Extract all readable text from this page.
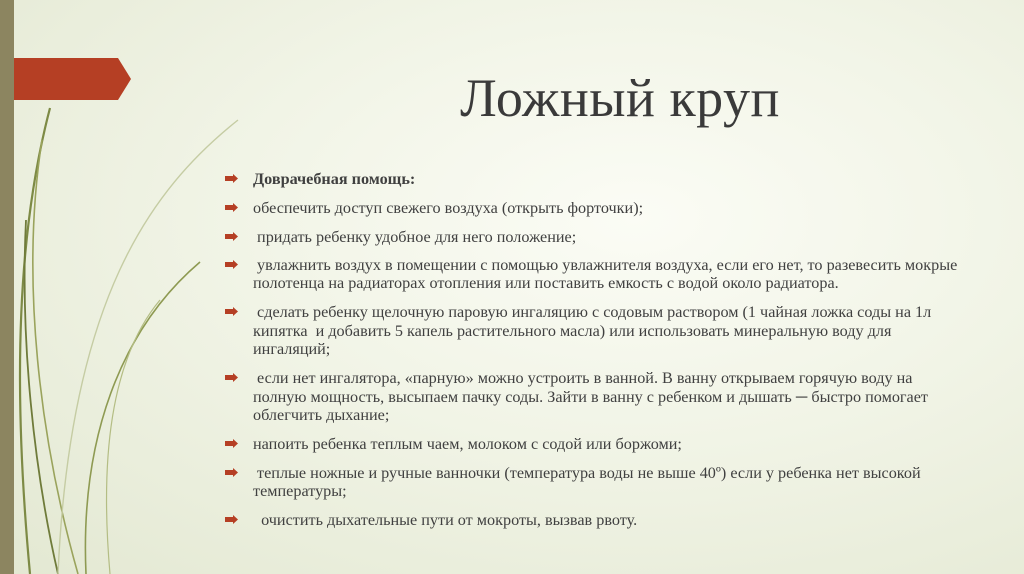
Ложный круп
Доврачебная помощь:
обеспечить доступ свежего воздуха (открыть форточки);
придать ребенку удобное для него положение;
увлажнить воздух в помещении с помощью увлажнителя воздуха, если его нет, то разевесить мокрые полотенца на радиаторах отопления или поставить емкость с водой около радиатора.
сделать ребенку щелочную паровую ингаляцию с содовым раствором (1 чайная ложка соды на 1л кипятка  и добавить 5 капель растительного масла) или использовать минеральную воду для ингаляций;
если нет ингалятора, «парную» можно устроить в ванной. В ванну открываем горячую воду на полную мощность, высыпаем пачку соды. Зайти в ванну с ребенком и дышать ─ быстро помогает облегчить дыхание;
напоить ребенка теплым чаем, молоком с содой или боржоми;
теплые ножные и ручные ванночки (температура воды не выше 40º) если у ребенка нет высокой температуры;
очистить дыхательные пути от мокроты, вызвав рвоту.
